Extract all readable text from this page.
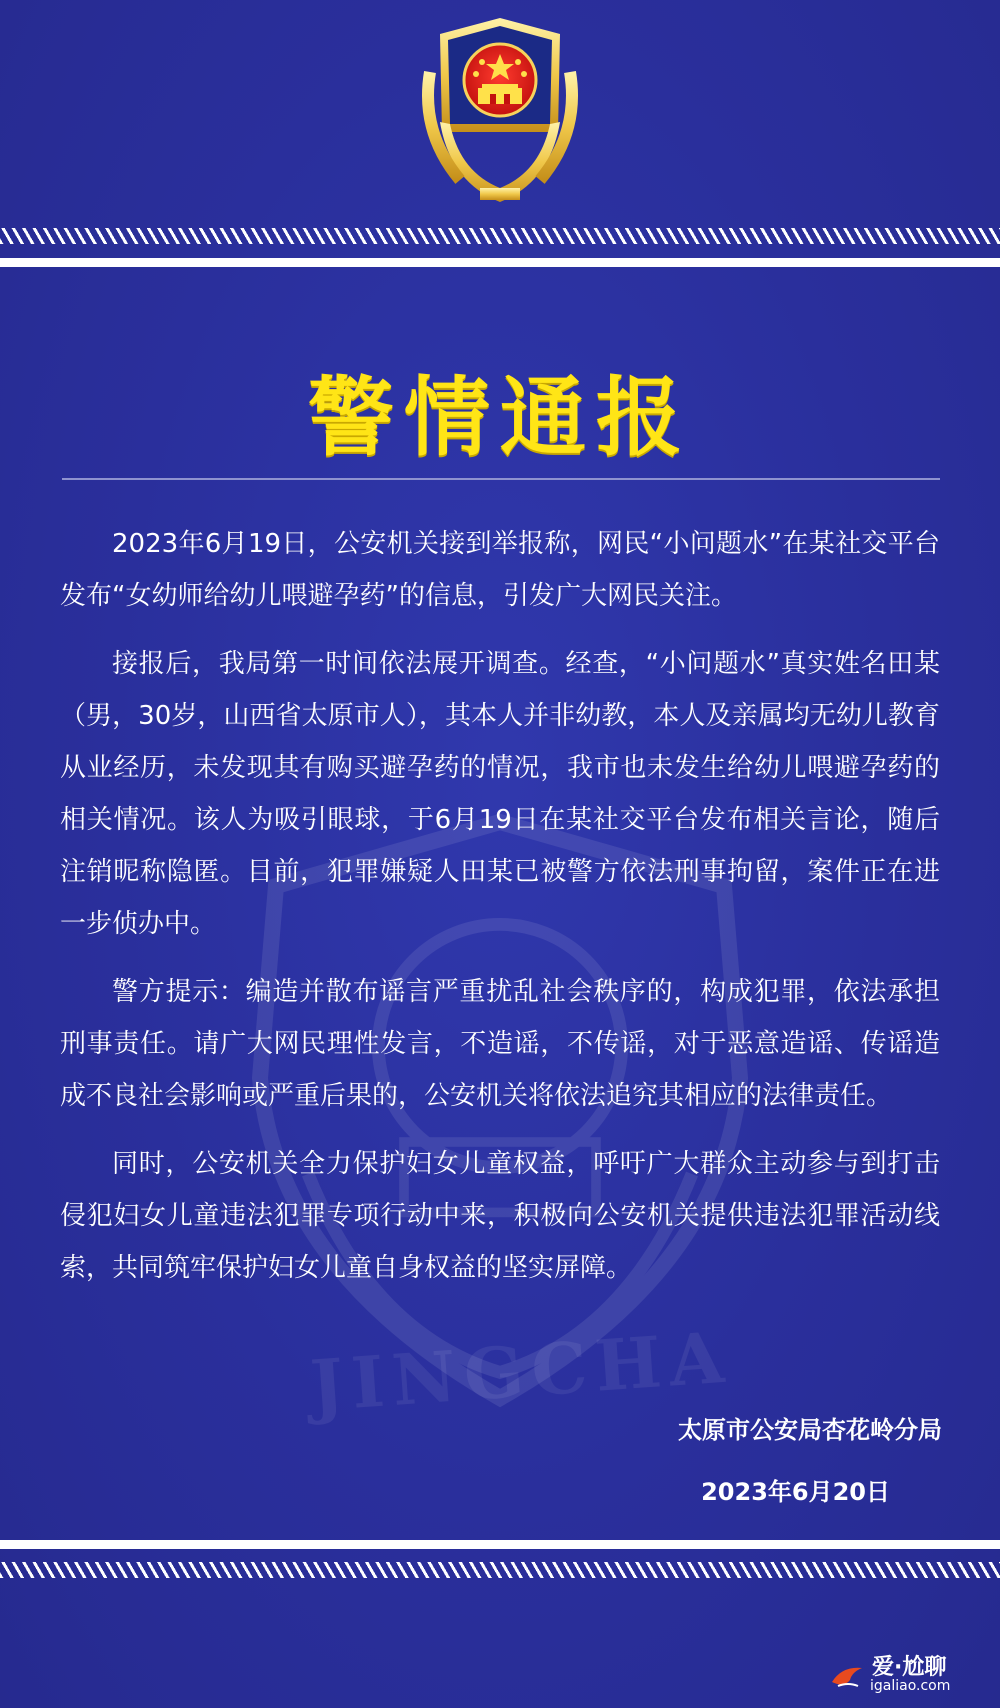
JINGCHA
警情通报

2023年6月19日，公安机关接到举报称，网民“小问题水”在某社交平台发布“女幼师给幼儿喂避孕药”的信息，引发广大网民关注。

接报后，我局第一时间依法展开调查。经查，“小问题水”真实姓名田某（男，30岁，山西省太原市人），其本人并非幼教，本人及亲属均无幼儿教育从业经历，未发现其有购买避孕药的情况，我市也未发生给幼儿喂避孕药的相关情况。该人为吸引眼球，于6月19日在某社交平台发布相关言论，随后注销昵称隐匿。目前，犯罪嫌疑人田某已被警方依法刑事拘留，案件正在进一步侦办中。

警方提示：编造并散布谣言严重扰乱社会秩序的，构成犯罪，依法承担刑事责任。请广大网民理性发言，不造谣，不传谣，对于恶意造谣、传谣造成不良社会影响或严重后果的，公安机关将依法追究其相应的法律责任。

同时，公安机关全力保护妇女儿童权益，呼吁广大群众主动参与到打击侵犯妇女儿童违法犯罪专项行动中来，积极向公安机关提供违法犯罪活动线索，共同筑牢保护妇女儿童自身权益的坚实屏障。

太原市公安局杏花岭分局
2023年6月20日
爱·尬聊
igaliao.com
